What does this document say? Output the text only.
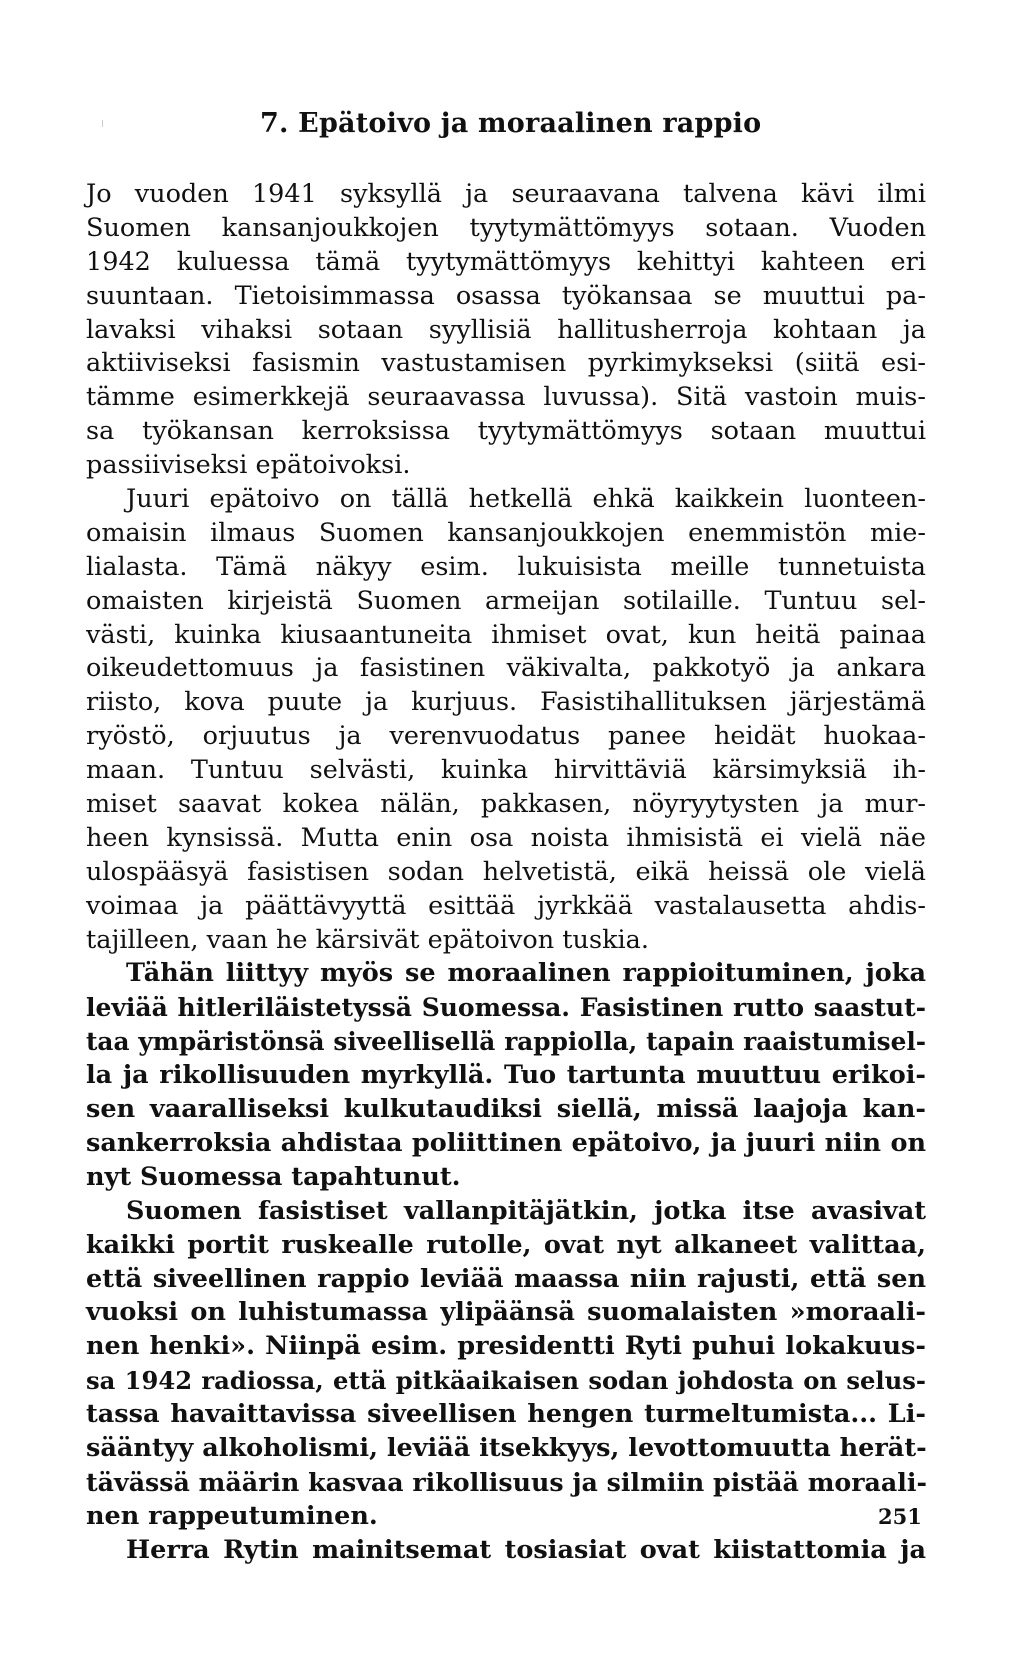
7. Epätoivo ja moraalinen rappio
Jo vuoden 1941 syksyllä ja seuraavana talvena kävi ilmi
Suomen kansanjoukkojen tyytymättömyys sotaan. Vuoden
1942 kuluessa tämä tyytymättömyys kehittyi kahteen eri
suuntaan. Tietoisimmassa osassa työkansaa se muuttui pa-
lavaksi vihaksi sotaan syyllisiä hallitusherroja kohtaan ja
aktiiviseksi fasismin vastustamisen pyrkimykseksi (siitä esi-
tämme esimerkkejä seuraavassa luvussa). Sitä vastoin muis-
sa työkansan kerroksissa tyytymättömyys sotaan muuttui
passiiviseksi epätoivoksi.
Juuri epätoivo on tällä hetkellä ehkä kaikkein luonteen-
omaisin ilmaus Suomen kansanjoukkojen enemmistön mie-
lialasta. Tämä näkyy esim. lukuisista meille tunnetuista
omaisten kirjeistä Suomen armeijan sotilaille. Tuntuu sel-
västi, kuinka kiusaantuneita ihmiset ovat, kun heitä painaa
oikeudettomuus ja fasistinen väkivalta, pakkotyö ja ankara
riisto, kova puute ja kurjuus. Fasistihallituksen järjestämä
ryöstö, orjuutus ja verenvuodatus panee heidät huokaa-
maan. Tuntuu selvästi, kuinka hirvittäviä kärsimyksiä ih-
miset saavat kokea nälän, pakkasen, nöyryytysten ja mur-
heen kynsissä. Mutta enin osa noista ihmisistä ei vielä näe
ulospääsyä fasistisen sodan helvetistä, eikä heissä ole vielä
voimaa ja päättävyyttä esittää jyrkkää vastalausetta ahdis-
tajilleen, vaan he kärsivät epätoivon tuskia.
Tähän liittyy myös se moraalinen rappioituminen, joka
leviää hitleriläistetyssä Suomessa. Fasistinen rutto saastut-
taa ympäristönsä siveellisellä rappiolla, tapain raaistumisel-
la ja rikollisuuden myrkyllä. Tuo tartunta muuttuu erikoi-
sen vaaralliseksi kulkutaudiksi siellä, missä laajoja kan-
sankerroksia ahdistaa poliittinen epätoivo, ja juuri niin on
nyt Suomessa tapahtunut.
Suomen fasistiset vallanpitäjätkin, jotka itse avasivat
kaikki portit ruskealle rutolle, ovat nyt alkaneet valittaa,
että siveellinen rappio leviää maassa niin rajusti, että sen
vuoksi on luhistumassa ylipäänsä suomalaisten »moraali-
nen henki». Niinpä esim. presidentti Ryti puhui lokakuus-
sa 1942 radiossa, että pitkäaikaisen sodan johdosta on selus-
tassa havaittavissa siveellisen hengen turmeltumista... Li-
sääntyy alkoholismi, leviää itsekkyys, levottomuutta herät-
tävässä määrin kasvaa rikollisuus ja silmiin pistää moraali-
nen rappeutuminen.
Herra Rytin mainitsemat tosiasiat ovat kiistattomia ja
251
